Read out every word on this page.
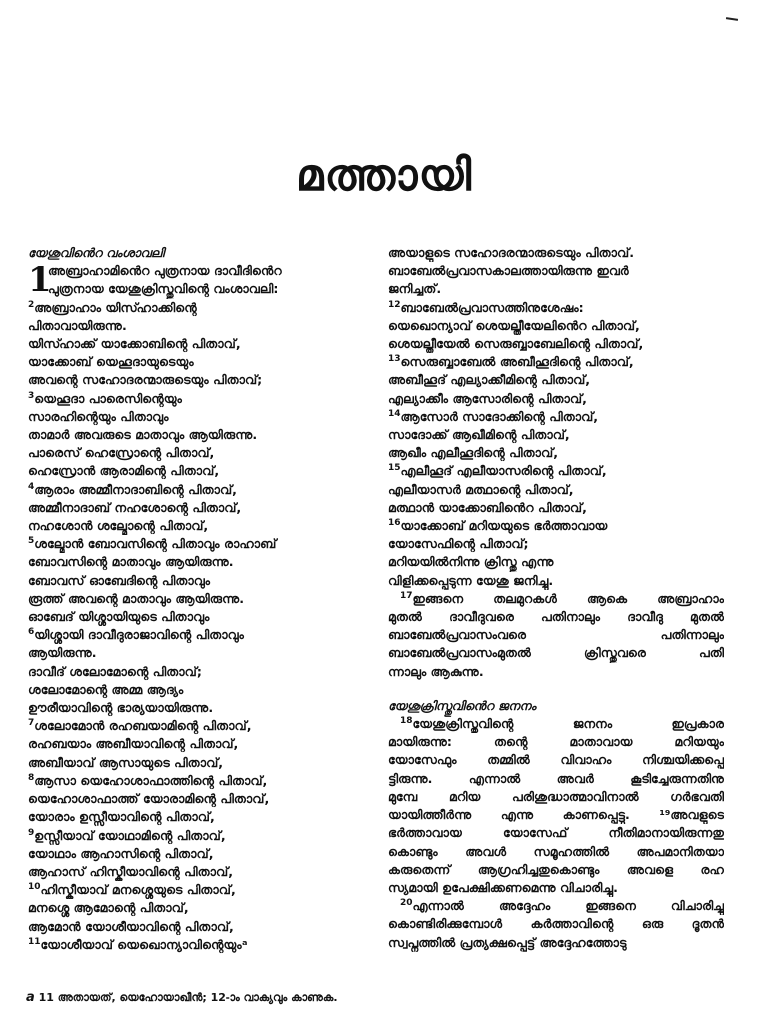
മത്തായി
യേശുവിൻെറ വംശാവലി
1
അബ്രാഹാമിൻെറ പുത്രനായ ദാവീദിൻെറ
പുത്രനായ യേശുക്രിസ്തുവിന്റെ വംശാവലി:
$^2$അബ്രാഹാം യിസ്ഹാക്കിന്റെ
പിതാവായിരുന്നു.
യിസ്ഹാക്ക് യാക്കോബിന്റെ പിതാവ്,
യാക്കോബ് യെഹൂദായുടെയും
അവന്റെ സഹോദരന്മാരുടെയും പിതാവ്;
$^3$യെഹൂദാ പാരെസിന്റെയും
സാരഹിന്റെയും പിതാവും
താമാർ അവരുടെ മാതാവും ആയിരുന്നു.
പാരെസ് ഹെസ്രോന്റെ പിതാവ്,
ഹെസ്രോൻ ആരാമിന്റെ പിതാവ്,
$^4$ആരാം അമ്മീനാദാബിന്റെ പിതാവ്,
അമ്മീനാദാബ് നഹശോന്റെ പിതാവ്,
നഹശോൻ ശല്മോന്റെ പിതാവ്,
$^5$ശല്മോൻ ബോവസിന്റെ പിതാവും രാഹാബ്
ബോവസിന്റെ മാതാവും ആയിരുന്നു.
ബോവസ് ഓബേദിന്റെ പിതാവും
രൂത്ത് അവന്റെ മാതാവും ആയിരുന്നു.
ഓബേദ് യിശ്ശായിയുടെ പിതാവും
$^6$യിശ്ശായി ദാവീദുരാജാവിന്റെ പിതാവും
ആയിരുന്നു.
ദാവീദ് ശലോമോന്റെ പിതാവ്;
ശലോമോന്റെ അമ്മ ആദ്യം
ഊരീയാവിന്റെ ഭാര്യയായിരുന്നു.
$^7$ശലോമോൻ രഹബയാമിന്റെ പിതാവ്,
രഹബയാം അബീയാവിന്റെ പിതാവ്,
അബീയാവ് ആസായുടെ പിതാവ്,
$^8$ആസാ യെഹോശാഫാത്തിന്റെ പിതാവ്,
യെഹോശാഫാത്ത് യോരാമിന്റെ പിതാവ്,
യോരാം ഉസ്സീയാവിന്റെ പിതാവ്,
$^9$ഉസ്സീയാവ് യോഥാമിന്റെ പിതാവ്,
യോഥാം ആഹാസിന്റെ പിതാവ്,
ആഹാസ് ഹിസ്കീയാവിന്റെ പിതാവ്,
$^{10}$ഹിസ്കീയാവ് മനശ്ശെയുടെ പിതാവ്,
മനശ്ശെ ആമോന്റെ പിതാവ്,
ആമോൻ യോശീയാവിന്റെ പിതാവ്,
$^{11}$യോശീയാവ് യെഖൊന്യാവിന്റെയുംᵃ
അയാളുടെ സഹോദരന്മാരുടെയും പിതാവ്.
ബാബേൽപ്രവാസകാലത്തായിരുന്നു ഇവർ
ജനിച്ചത്.
$^{12}$ബാബേൽപ്രവാസത്തിനുശേഷം:
യെഖൊന്യാവ് ശെയല്തീയേലിൻെറ പിതാവ്,
ശെയല്തീയേൽ സെരുബ്ബാബേലിന്റെ പിതാവ്,
$^{13}$സെരുബ്ബാബേൽ അബീഹൂദിന്റെ പിതാവ്,
അബീഹൂദ് എല്യാക്കീമിന്റെ പിതാവ്,
എല്യാക്കീം ആസോരിന്റെ പിതാവ്,
$^{14}$ആസോർ സാദോക്കിന്റെ പിതാവ്,
സാദോക്ക് ആഖീമിന്റെ പിതാവ്,
ആഖീം എലീഹൂദിന്റെ പിതാവ്,
$^{15}$എലീഹൂദ് എലീയാസരിന്റെ പിതാവ്,
എലീയാസർ മത്ഥാന്റെ പിതാവ്,
മത്ഥാൻ യാക്കോബിൻെറ പിതാവ്,
$^{16}$യാക്കോബ് മറിയയുടെ ഭർത്താവായ
യോസേഫിന്റെ പിതാവ്;
മറിയയിൽനിന്നു ക്രിസ്തു എന്നു
വിളിക്കപ്പെടുന്ന യേശു ജനിച്ചു.
$^{17}$ഇങ്ങനെ തലമുറകൾ ആകെ അബ്രാഹാം
മുതൽ ദാവീദുവരെ പതിനാലും ദാവീദു മുതൽ
ബാബേൽപ്രവാസംവരെ പതിന്നാലും
ബാബേൽപ്രവാസംമുതൽ ക്രിസ്തുവരെ പതി
ന്നാലും ആകുന്നു.
യേശുക്രിസ്തുവിൻെറ ജനനം
$^{18}$യേശുക്രിസ്തുവിന്റെ ജനനം ഇപ്രകാര
മായിരുന്നു: തന്റെ മാതാവായ മറിയയും
യോസേഫും തമ്മിൽ വിവാഹം നിശ്ചയിക്കപ്പെ
ട്ടിരുന്നു. എന്നാൽ അവർ കൂടിച്ചേരുന്നതിനു
മുമ്പേ മറിയ പരിശുദ്ധാത്മാവിനാൽ ഗർഭവതി
യായിത്തീർന്നു എന്നു കാണപ്പെട്ടു. ¹⁹അവളുടെ
ഭർത്താവായ യോസേഫ് നീതിമാനായിരുന്നതു
കൊണ്ടും അവൾ സമൂഹത്തിൽ അപമാനിതയാ
കരുതെന്ന് ആഗ്രഹിച്ചതുകൊണ്ടും അവളെ രഹ
സ്യമായി ഉപേക്ഷിക്കണമെന്നു വിചാരിച്ചു.
$^{20}$എന്നാൽ അദ്ദേഹം ഇങ്ങനെ വിചാരിച്ചു
കൊണ്ടിരിക്കുമ്പോൾ കർത്താവിന്റെ ഒരു ദൂതൻ
സ്വപ്നത്തിൽ പ്രത്യക്ഷപ്പെട്ട് അദ്ദേഹത്തോടു
a 11 അതായത്, യെഹോയാഖീൻ; 12-ാം വാക്യവും കാണുക.
